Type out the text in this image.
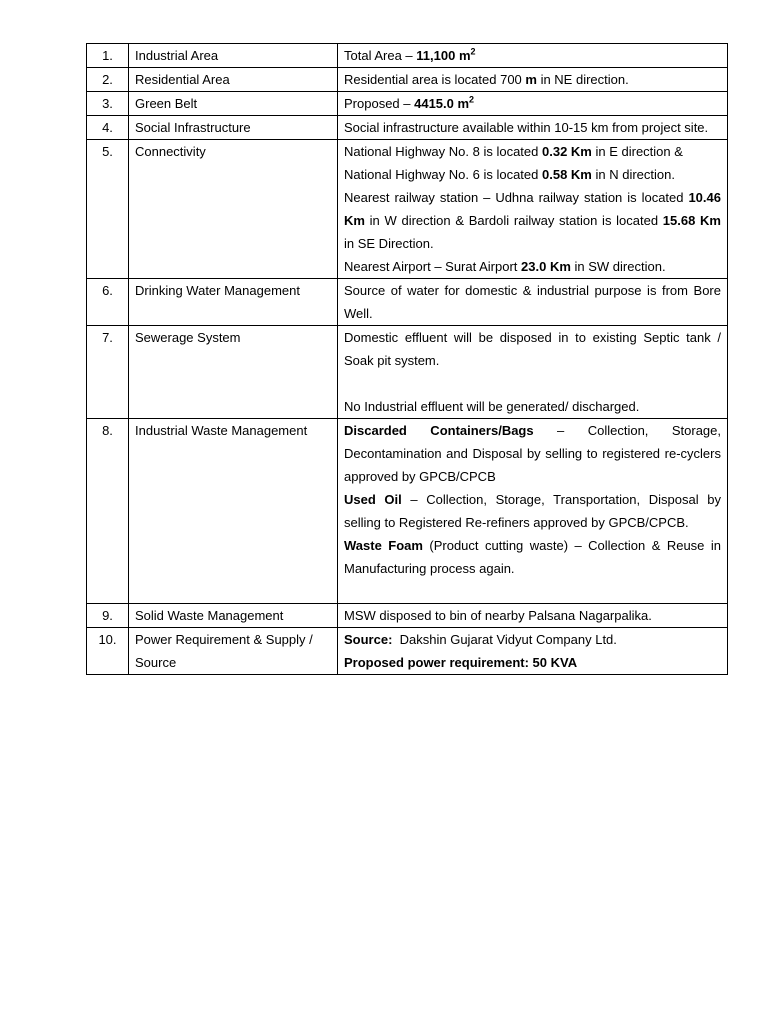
1.	Industrial Area	Total Area – 11,100 $m^2$
2.	Residential Area	Residential area is located 700 m in NE direction.
3.	Green Belt	Proposed – 4415.0 $m^2$
4.	Social Infrastructure	Social infrastructure available within 10-15 km from project site.
5.	Connectivity	National Highway No. 8 is located 0.32 Km in E direction &
National Highway No. 6 is located 0.58 Km in N direction.
Nearest railway station – Udhna railway station is located 10.46 Km in W direction & Bardoli railway station is located 15.68 Km in SE Direction.
Nearest Airport – Surat Airport 23.0 Km in SW direction.

6.	Drinking Water Management	Source of water for domestic & industrial purpose is from Bore Well.
7.	Sewerage System	Domestic effluent will be disposed in to existing Septic tank / Soak pit system.
No Industrial effluent will be generated/ discharged.

8.	Industrial Waste Management	Discarded Containers/Bags – Collection, Storage, Decontamination and Disposal by selling to registered re-cyclers approved by GPCB/CPCB
Used Oil – Collection, Storage, Transportation, Disposal by selling to Registered Re-refiners approved by GPCB/CPCB.
Waste Foam (Product cutting waste) – Collection & Reuse in Manufacturing process again.

9.	Solid Waste Management	MSW disposed to bin of nearby Palsana Nagarpalika.
10.	Power Requirement & Supply / Source	Source:  Dakshin Gujarat Vidyut Company Ltd.
Proposed power requirement: 50 KVA
